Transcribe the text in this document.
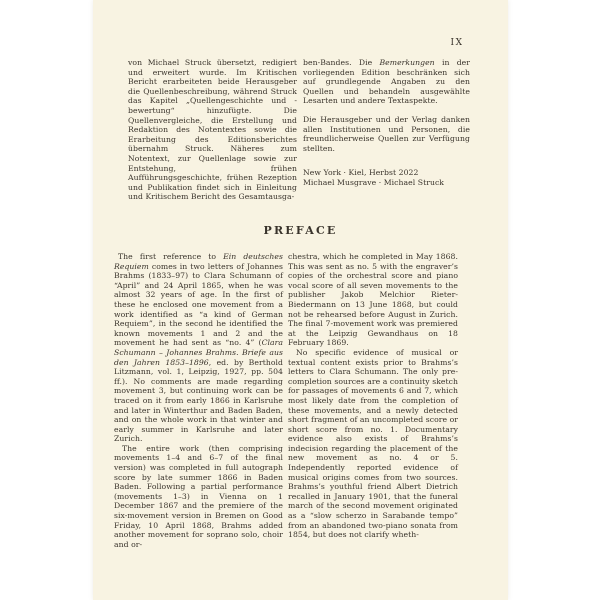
IX

von Michael Struck übersetzt, redigiert und erweitert wurde. Im Kritischen Bericht erarbeiteten beide Herausgeber die Quellenbeschreibung, während Struck das Kapitel „Quellengeschichte und -bewertung“ hinzufügte. Die Quellenvergleiche, die Erstellung und Redaktion des Notentextes sowie die Erarbeitung des Editionsberichtes übernahm Struck. Näheres zum Notentext, zur Quellenlage sowie zur Entstehung, frühen Aufführungsgeschichte, frühen Rezeption und Publikation findet sich in Einleitung und Kritischem Bericht des Gesamtausga-

ben-Bandes. Die Bemerkungen in der vorliegenden Edition beschränken sich auf grundlegende Angaben zu den Quellen und behandeln ausgewählte Lesarten und andere Textaspekte.

Die Herausgeber und der Verlag danken allen Institutionen und Personen, die freundlicherweise Quellen zur Verfügung stellten.

New York · Kiel, Herbst 2022

Michael Musgrave · Michael Struck

PREFACE

The first reference to Ein deutsches Requiem comes in two letters of Johannes Brahms (1833–97) to Clara Schumann of “April” and 24 April 1865, when he was almost 32 years of age. In the first of these he enclosed one movement from a work identified as “a kind of German Requiem”, in the second he identified the known movements 1 and 2 and the movement he had sent as “no. 4” (Clara Schumann – Johannes Brahms. Briefe aus den Jahren 1853–1896, ed. by Berthold Litzmann, vol. 1, Leipzig, 1927, pp. 504 ff.). No comments are made regarding movement 3, but continuing work can be traced on it from early 1866 in Karlsruhe and later in Winterthur and Baden Baden, and on the whole work in that winter and early summer in Karlsruhe and later Zurich.

The entire work (then comprising movements 1–4 and 6–7 of the final version) was completed in full autograph score by late summer 1866 in Baden Baden. Following a partial performance (movements 1–3) in Vienna on 1 December 1867 and the premiere of the six-movement version in Bremen on Good Friday, 10 April 1868, Brahms added another movement for soprano solo, choir and or-

chestra, which he completed in May 1868. This was sent as no. 5 with the engraver’s copies of the orchestral score and piano vocal score of all seven movements to the publisher Jakob Melchior Rieter-Biedermann on 13 June 1868, but could not be rehearsed before August in Zurich. The final 7-movement work was premiered at the Leipzig Gewandhaus on 18 February 1869.

No specific evidence of musical or textual content exists prior to Brahms’s letters to Clara Schumann. The only pre-completion sources are a continuity sketch for passages of movements 6 and 7, which most likely date from the completion of these movements, and a newly detected short fragment of an uncompleted score or short score from no. 1. Documentary evidence also exists of Brahms’s indecision regarding the placement of the new movement as no. 4 or 5. Independently reported evidence of musical origins comes from two sources. Brahms’s youthful friend Albert Dietrich recalled in January 1901, that the funeral march of the second movement originated as a “slow scherzo in Sarabande tempo” from an abandoned two-piano sonata from 1854, but does not clarify wheth-
